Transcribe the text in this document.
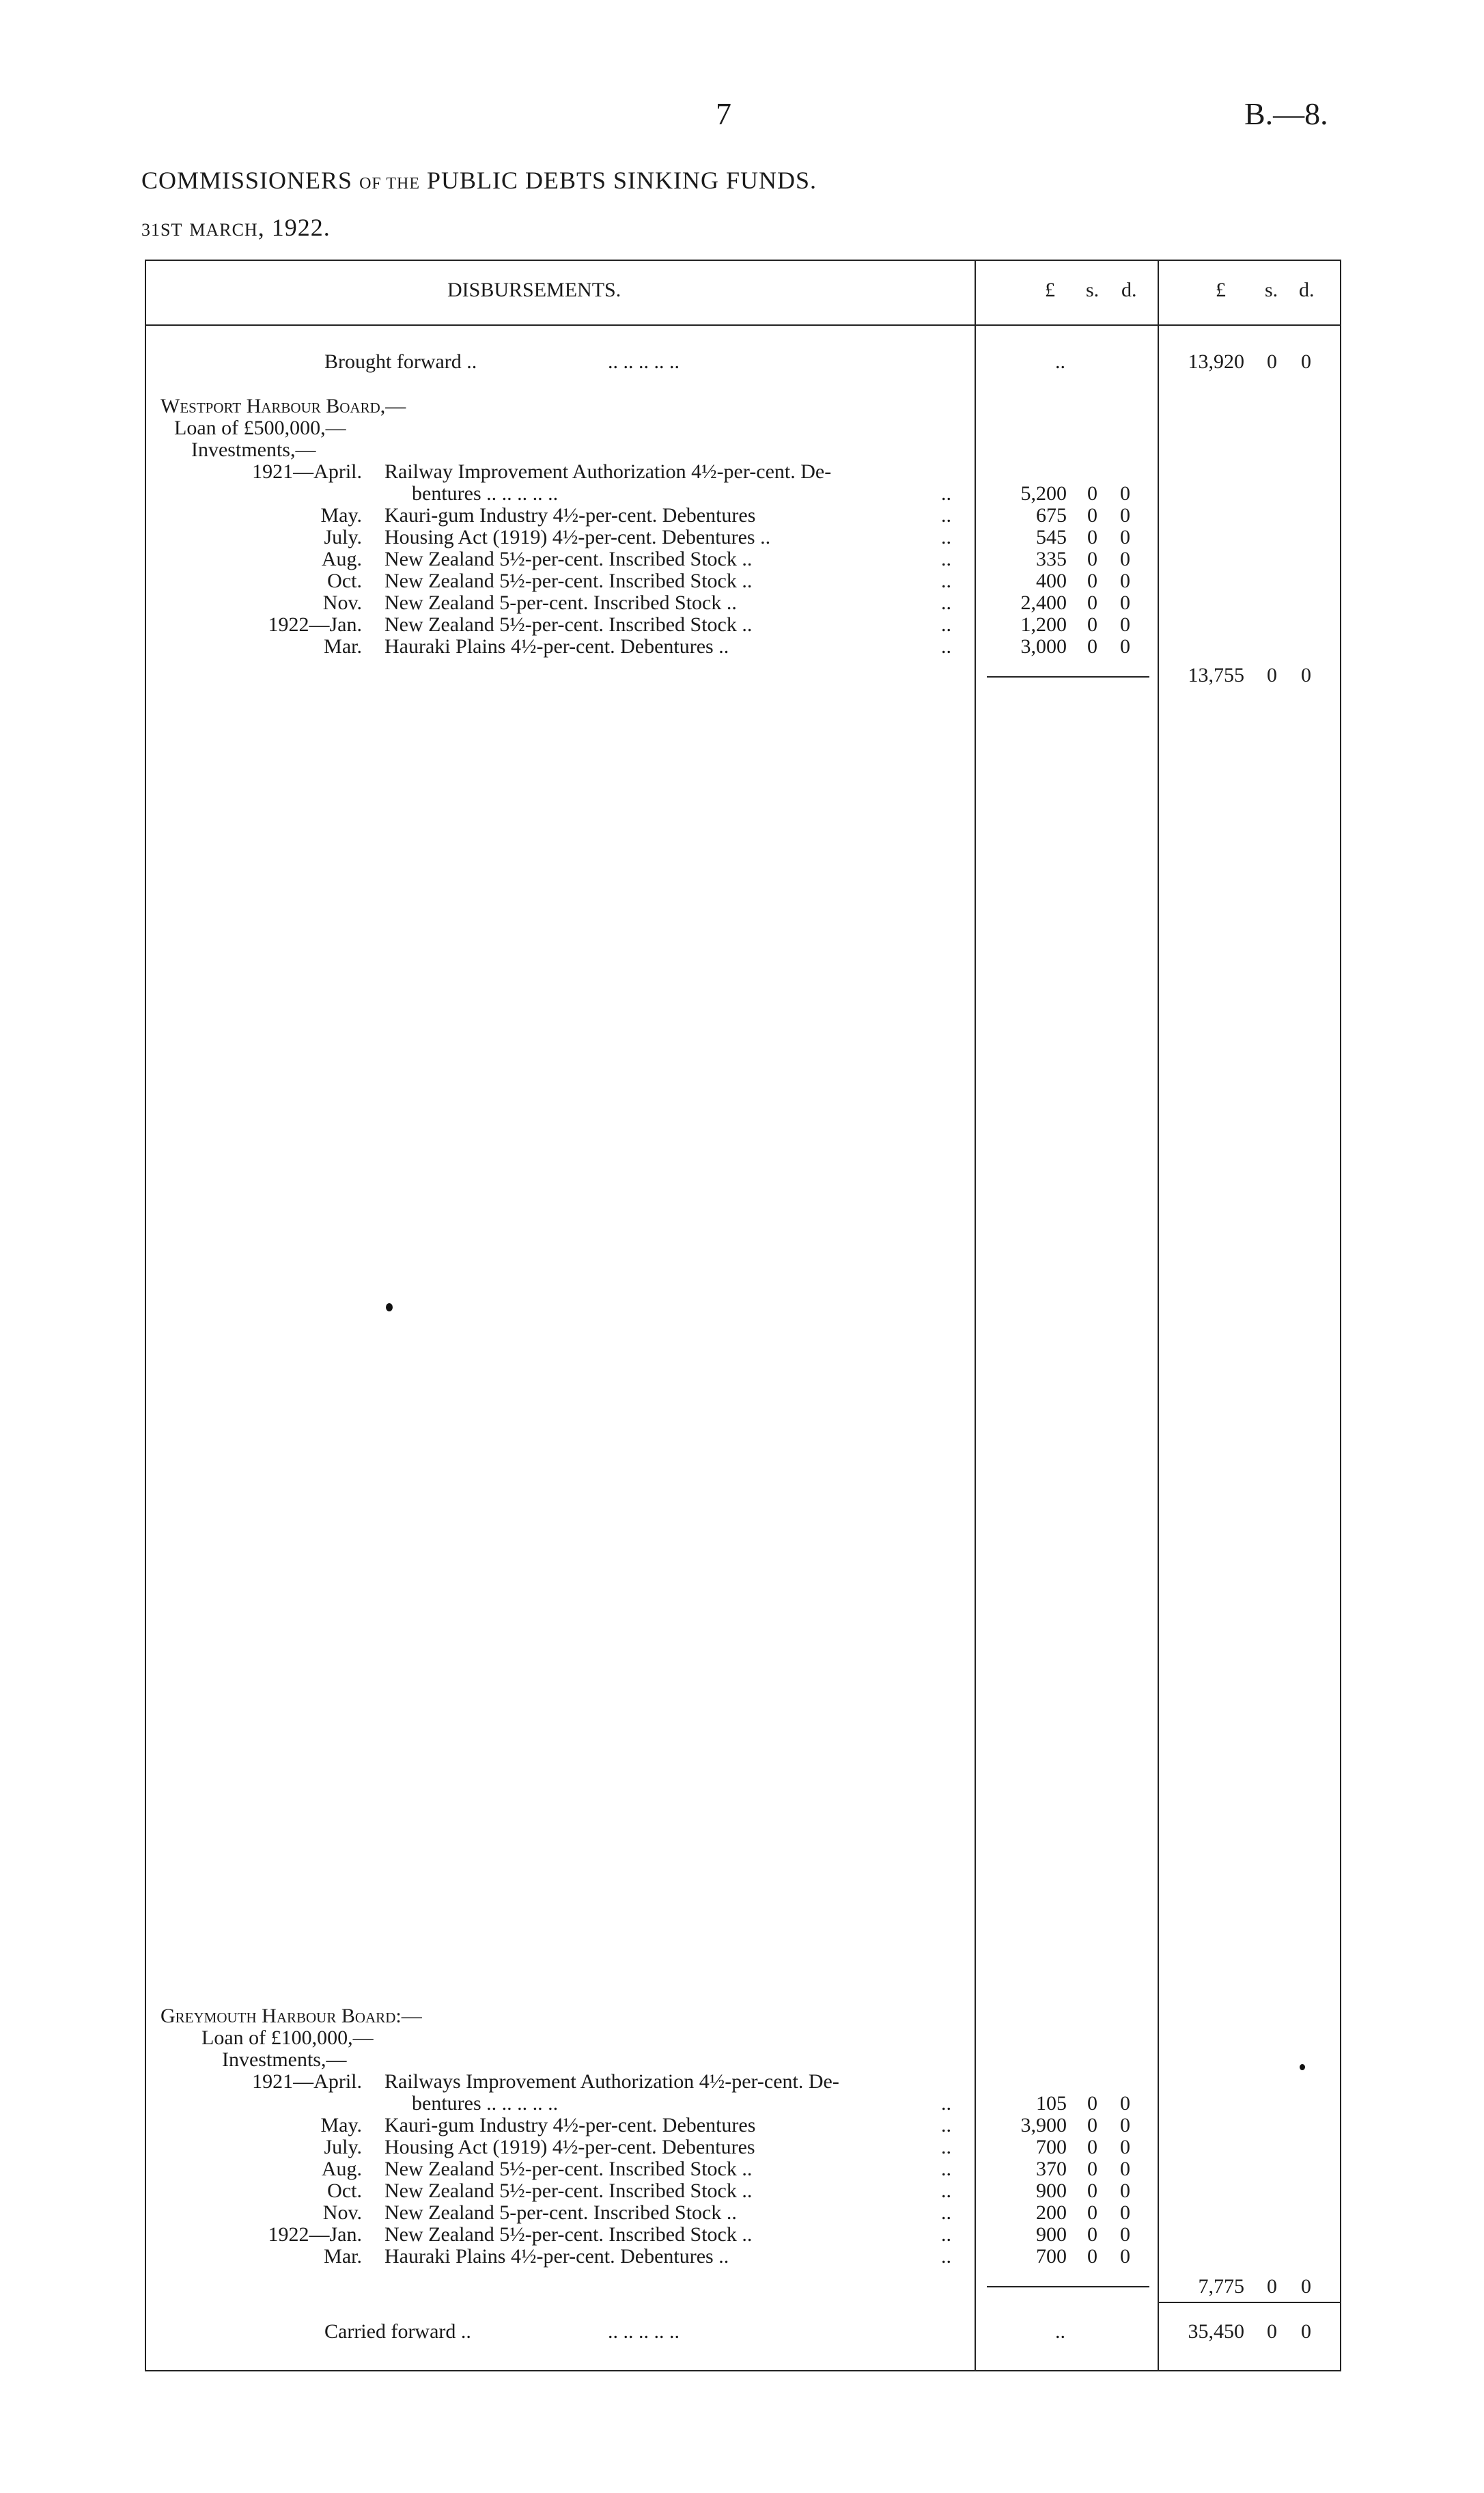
7	B.—8.
COMMISSIONERS OF THE PUBLIC DEBTS SINKING FUNDS.
31ST MARCH, 1922.
DISBURSEMENTS.	£ s. d.	£ s. d.
Brought forward ..	.. .. .. .. ..	..	13,920 0 0
Westport Harbour Board,—
Loan of £500,000,—
Investments,—
1921—April. Railway Improvement Authorization 4½-per-cent. De-
bentures .. .. .. .. ..	..	5,200 0 0
May. Kauri-gum Industry 4½-per-cent. Debentures	..	675 0 0
July. Housing Act (1919) 4½-per-cent. Debentures ..	..	545 0 0
Aug. New Zealand 5½-per-cent. Inscribed Stock ..	..	335 0 0
Oct. New Zealand 5½-per-cent. Inscribed Stock ..	..	400 0 0
Nov. New Zealand 5-per-cent. Inscribed Stock ..	..	2,400 0 0
1922—Jan. New Zealand 5½-per-cent. Inscribed Stock ..	..	1,200 0 0
Mar. Hauraki Plains 4½-per-cent. Debentures ..	..	3,000 0 0
13,755 0 0
Greymouth Harbour Board:—
Loan of £100,000,—
Investments,—
1921—April. Railways Improvement Authorization 4½-per-cent. De-
bentures .. .. .. .. ..	..	105 0 0
May. Kauri-gum Industry 4½-per-cent. Debentures	..	3,900 0 0
July. Housing Act (1919) 4½-per-cent. Debentures	..	700 0 0
Aug. New Zealand 5½-per-cent. Inscribed Stock ..	..	370 0 0
Oct. New Zealand 5½-per-cent. Inscribed Stock ..	..	900 0 0
Nov. New Zealand 5-per-cent. Inscribed Stock ..	..	200 0 0
1922—Jan. New Zealand 5½-per-cent. Inscribed Stock ..	..	900 0 0
Mar. Hauraki Plains 4½-per-cent. Debentures ..	..	700 0 0
7,775 0 0
Carried forward ..	.. .. .. .. ..	..	35,450 0 0
